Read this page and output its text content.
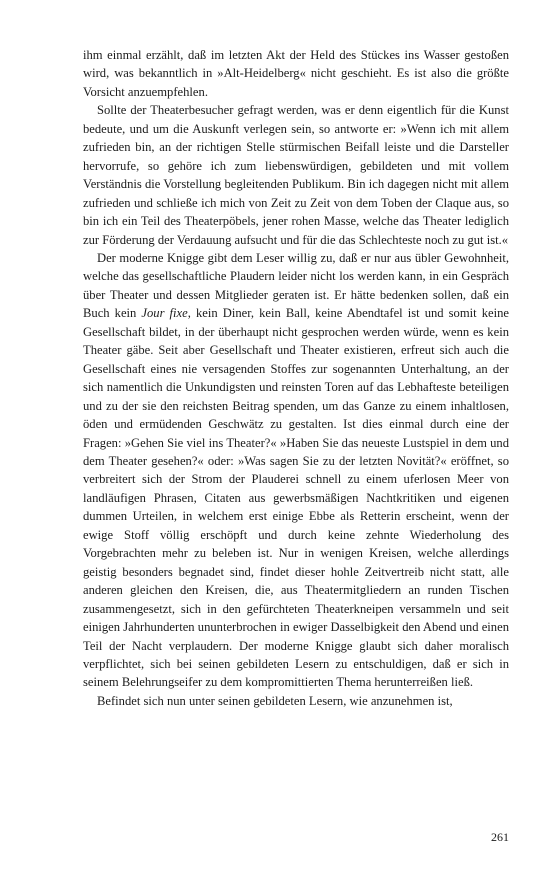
ihm einmal erzählt, daß im letzten Akt der Held des Stückes ins Wasser gestoßen wird, was bekanntlich in »Alt-Heidelberg« nicht geschieht. Es ist also die größte Vorsicht anzuempfehlen.

Sollte der Theaterbesucher gefragt werden, was er denn eigentlich für die Kunst bedeute, und um die Auskunft verlegen sein, so antworte er: »Wenn ich mit allem zufrieden bin, an der richtigen Stelle stürmischen Beifall leiste und die Darsteller hervorrufe, so gehöre ich zum liebenswürdigen, gebildeten und mit vollem Verständnis die Vorstellung begleitenden Publikum. Bin ich dagegen nicht mit allem zufrieden und schließe ich mich von Zeit zu Zeit von dem Toben der Claque aus, so bin ich ein Teil des Theaterpöbels, jener rohen Masse, welche das Theater lediglich zur Förderung der Verdauung aufsucht und für die das Schlechteste noch zu gut ist.«

Der moderne Knigge gibt dem Leser willig zu, daß er nur aus übler Gewohnheit, welche das gesellschaftliche Plaudern leider nicht los werden kann, in ein Gespräch über Theater und dessen Mitglieder geraten ist. Er hätte bedenken sollen, daß ein Buch kein Jour fixe, kein Diner, kein Ball, keine Abendtafel ist und somit keine Gesellschaft bildet, in der überhaupt nicht gesprochen werden würde, wenn es kein Theater gäbe. Seit aber Gesellschaft und Theater existieren, erfreut sich auch die Gesellschaft eines nie versagenden Stoffes zur sogenannten Unterhaltung, an der sich namentlich die Unkundigsten und reinsten Toren auf das Lebhafteste beteiligen und zu der sie den reichsten Beitrag spenden, um das Ganze zu einem inhaltlosen, öden und ermüdenden Geschwätz zu gestalten. Ist dies einmal durch eine der Fragen: »Gehen Sie viel ins Theater?« »Haben Sie das neueste Lustspiel in dem und dem Theater gesehen?« oder: »Was sagen Sie zu der letzten Novität?« eröffnet, so verbreitert sich der Strom der Plauderei schnell zu einem uferlosen Meer von landläufigen Phrasen, Citaten aus gewerbsmäßigen Nachtkritiken und eigenen dummen Urteilen, in welchem erst einige Ebbe als Retterin erscheint, wenn der ewige Stoff völlig erschöpft und durch keine zehnte Wiederholung des Vorgebrachten mehr zu beleben ist. Nur in wenigen Kreisen, welche allerdings geistig besonders begnadet sind, findet dieser hohle Zeitvertreib nicht statt, alle anderen gleichen den Kreisen, die, aus Theatermitgliedern an runden Tischen zusammengesetzt, sich in den gefürchteten Theaterkneipen versammeln und seit einigen Jahrhunderten ununterbrochen in ewiger Dasselbigkeit den Abend und einen Teil der Nacht verplaudern. Der moderne Knigge glaubt sich daher moralisch verpflichtet, sich bei seinen gebildeten Lesern zu entschuldigen, daß er sich in seinem Belehrungseifer zu dem kompromittierten Thema herunterreißen ließ.

Befindet sich nun unter seinen gebildeten Lesern, wie anzunehmen ist,

261
